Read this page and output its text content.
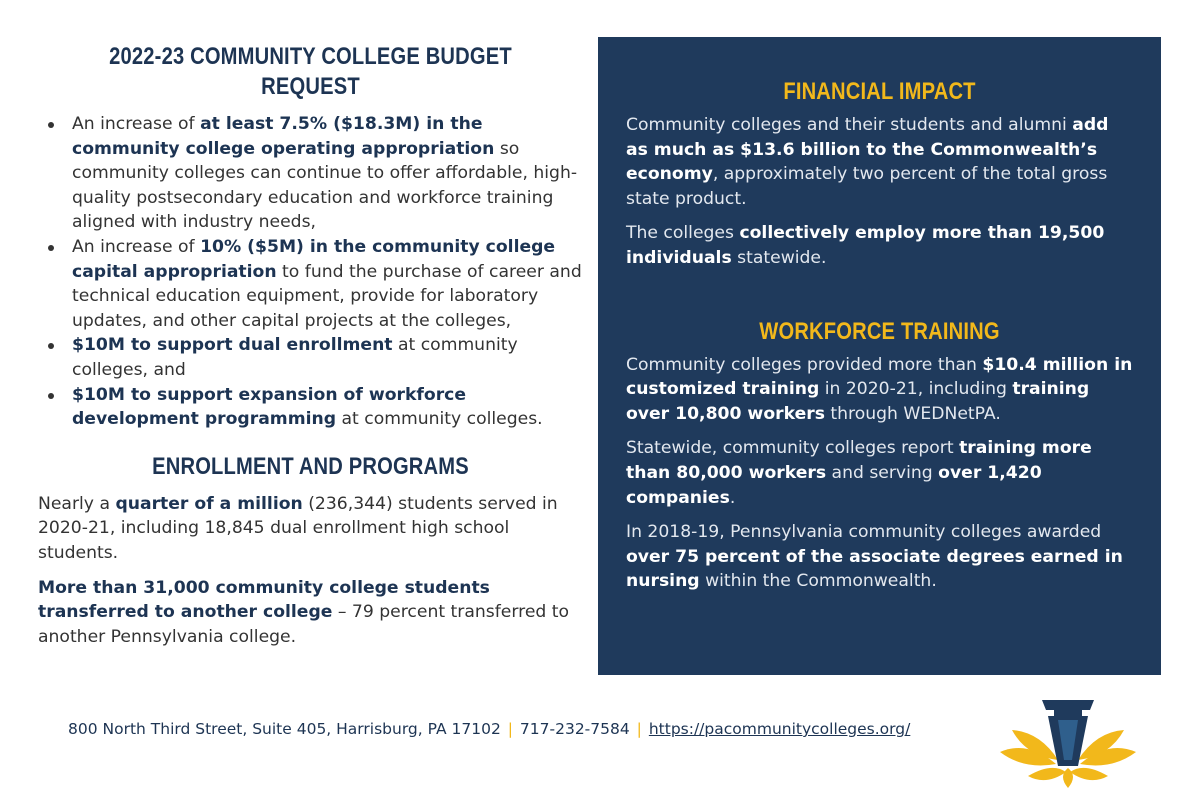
2022-23 COMMUNITY COLLEGE BUDGET REQUEST
An increase of at least 7.5% ($18.3M) in the community college operating appropriation so community colleges can continue to offer affordable, high-quality postsecondary education and workforce training aligned with industry needs,
An increase of 10% ($5M) in the community college capital appropriation to fund the purchase of career and technical education equipment, provide for laboratory updates, and other capital projects at the colleges,
$10M to support dual enrollment at community colleges, and
$10M to support expansion of workforce development programming at community colleges.
ENROLLMENT AND PROGRAMS

Nearly a quarter of a million (236,344) students served in 2020-21, including 18,845 dual enrollment high school students.

More than 31,000 community college students transferred to another college – 79 percent transferred to another Pennsylvania college.

FINANCIAL IMPACT

Community colleges and their students and alumni add as much as $13.6 billion to the Commonwealth’s economy, approximately two percent of the total gross state product.

The colleges collectively employ more than 19,500 individuals statewide.

WORKFORCE TRAINING

Community colleges provided more than $10.4 million in customized training in 2020-21, including training over 10,800 workers through WEDNetPA.

Statewide, community colleges report training more than 80,000 workers and serving over 1,420 companies.

In 2018-19, Pennsylvania community colleges awarded over 75 percent of the associate degrees earned in nursing within the Commonwealth.

800 North Third Street, Suite 405, Harrisburg, PA 17102 | 717-232-7584 | https://pacommunitycolleges.org/
